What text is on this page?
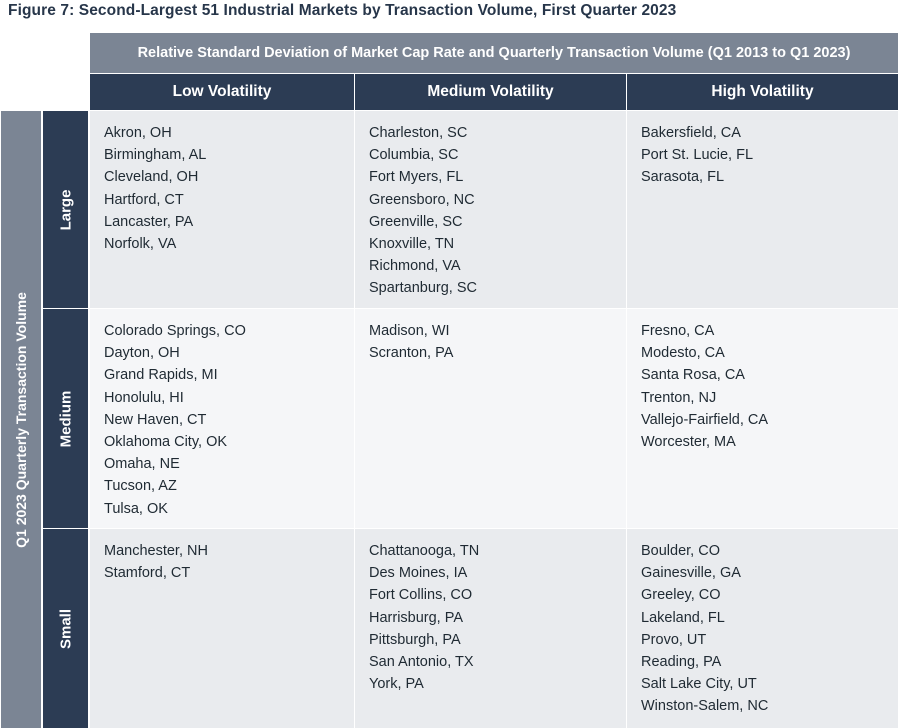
Figure 7: Second-Largest 51 Industrial Markets by Transaction Volume, First Quarter 2023
Relative Standard Deviation of Market Cap Rate and Quarterly Transaction Volume (Q1 2013 to Q1 2023)
Low Volatility	Medium Volatility	High Volatility
Q1 2023 Quarterly Transaction Volume
Large
Medium
Small
Akron, OH
Birmingham, AL
Cleveland, OH
Hartford, CT
Lancaster, PA
Norfolk, VA
Charleston, SC
Columbia, SC
Fort Myers, FL
Greensboro, NC
Greenville, SC
Knoxville, TN
Richmond, VA
Spartanburg, SC
Bakersfield, CA
Port St. Lucie, FL
Sarasota, FL
Colorado Springs, CO
Dayton, OH
Grand Rapids, MI
Honolulu, HI
New Haven, CT
Oklahoma City, OK
Omaha, NE
Tucson, AZ
Tulsa, OK
Madison, WI
Scranton, PA
Fresno, CA
Modesto, CA
Santa Rosa, CA
Trenton, NJ
Vallejo-Fairfield, CA
Worcester, MA
Manchester, NH
Stamford, CT
Chattanooga, TN
Des Moines, IA
Fort Collins, CO
Harrisburg, PA
Pittsburgh, PA
San Antonio, TX
York, PA
Boulder, CO
Gainesville, GA
Greeley, CO
Lakeland, FL
Provo, UT
Reading, PA
Salt Lake City, UT
Winston-Salem, NC
